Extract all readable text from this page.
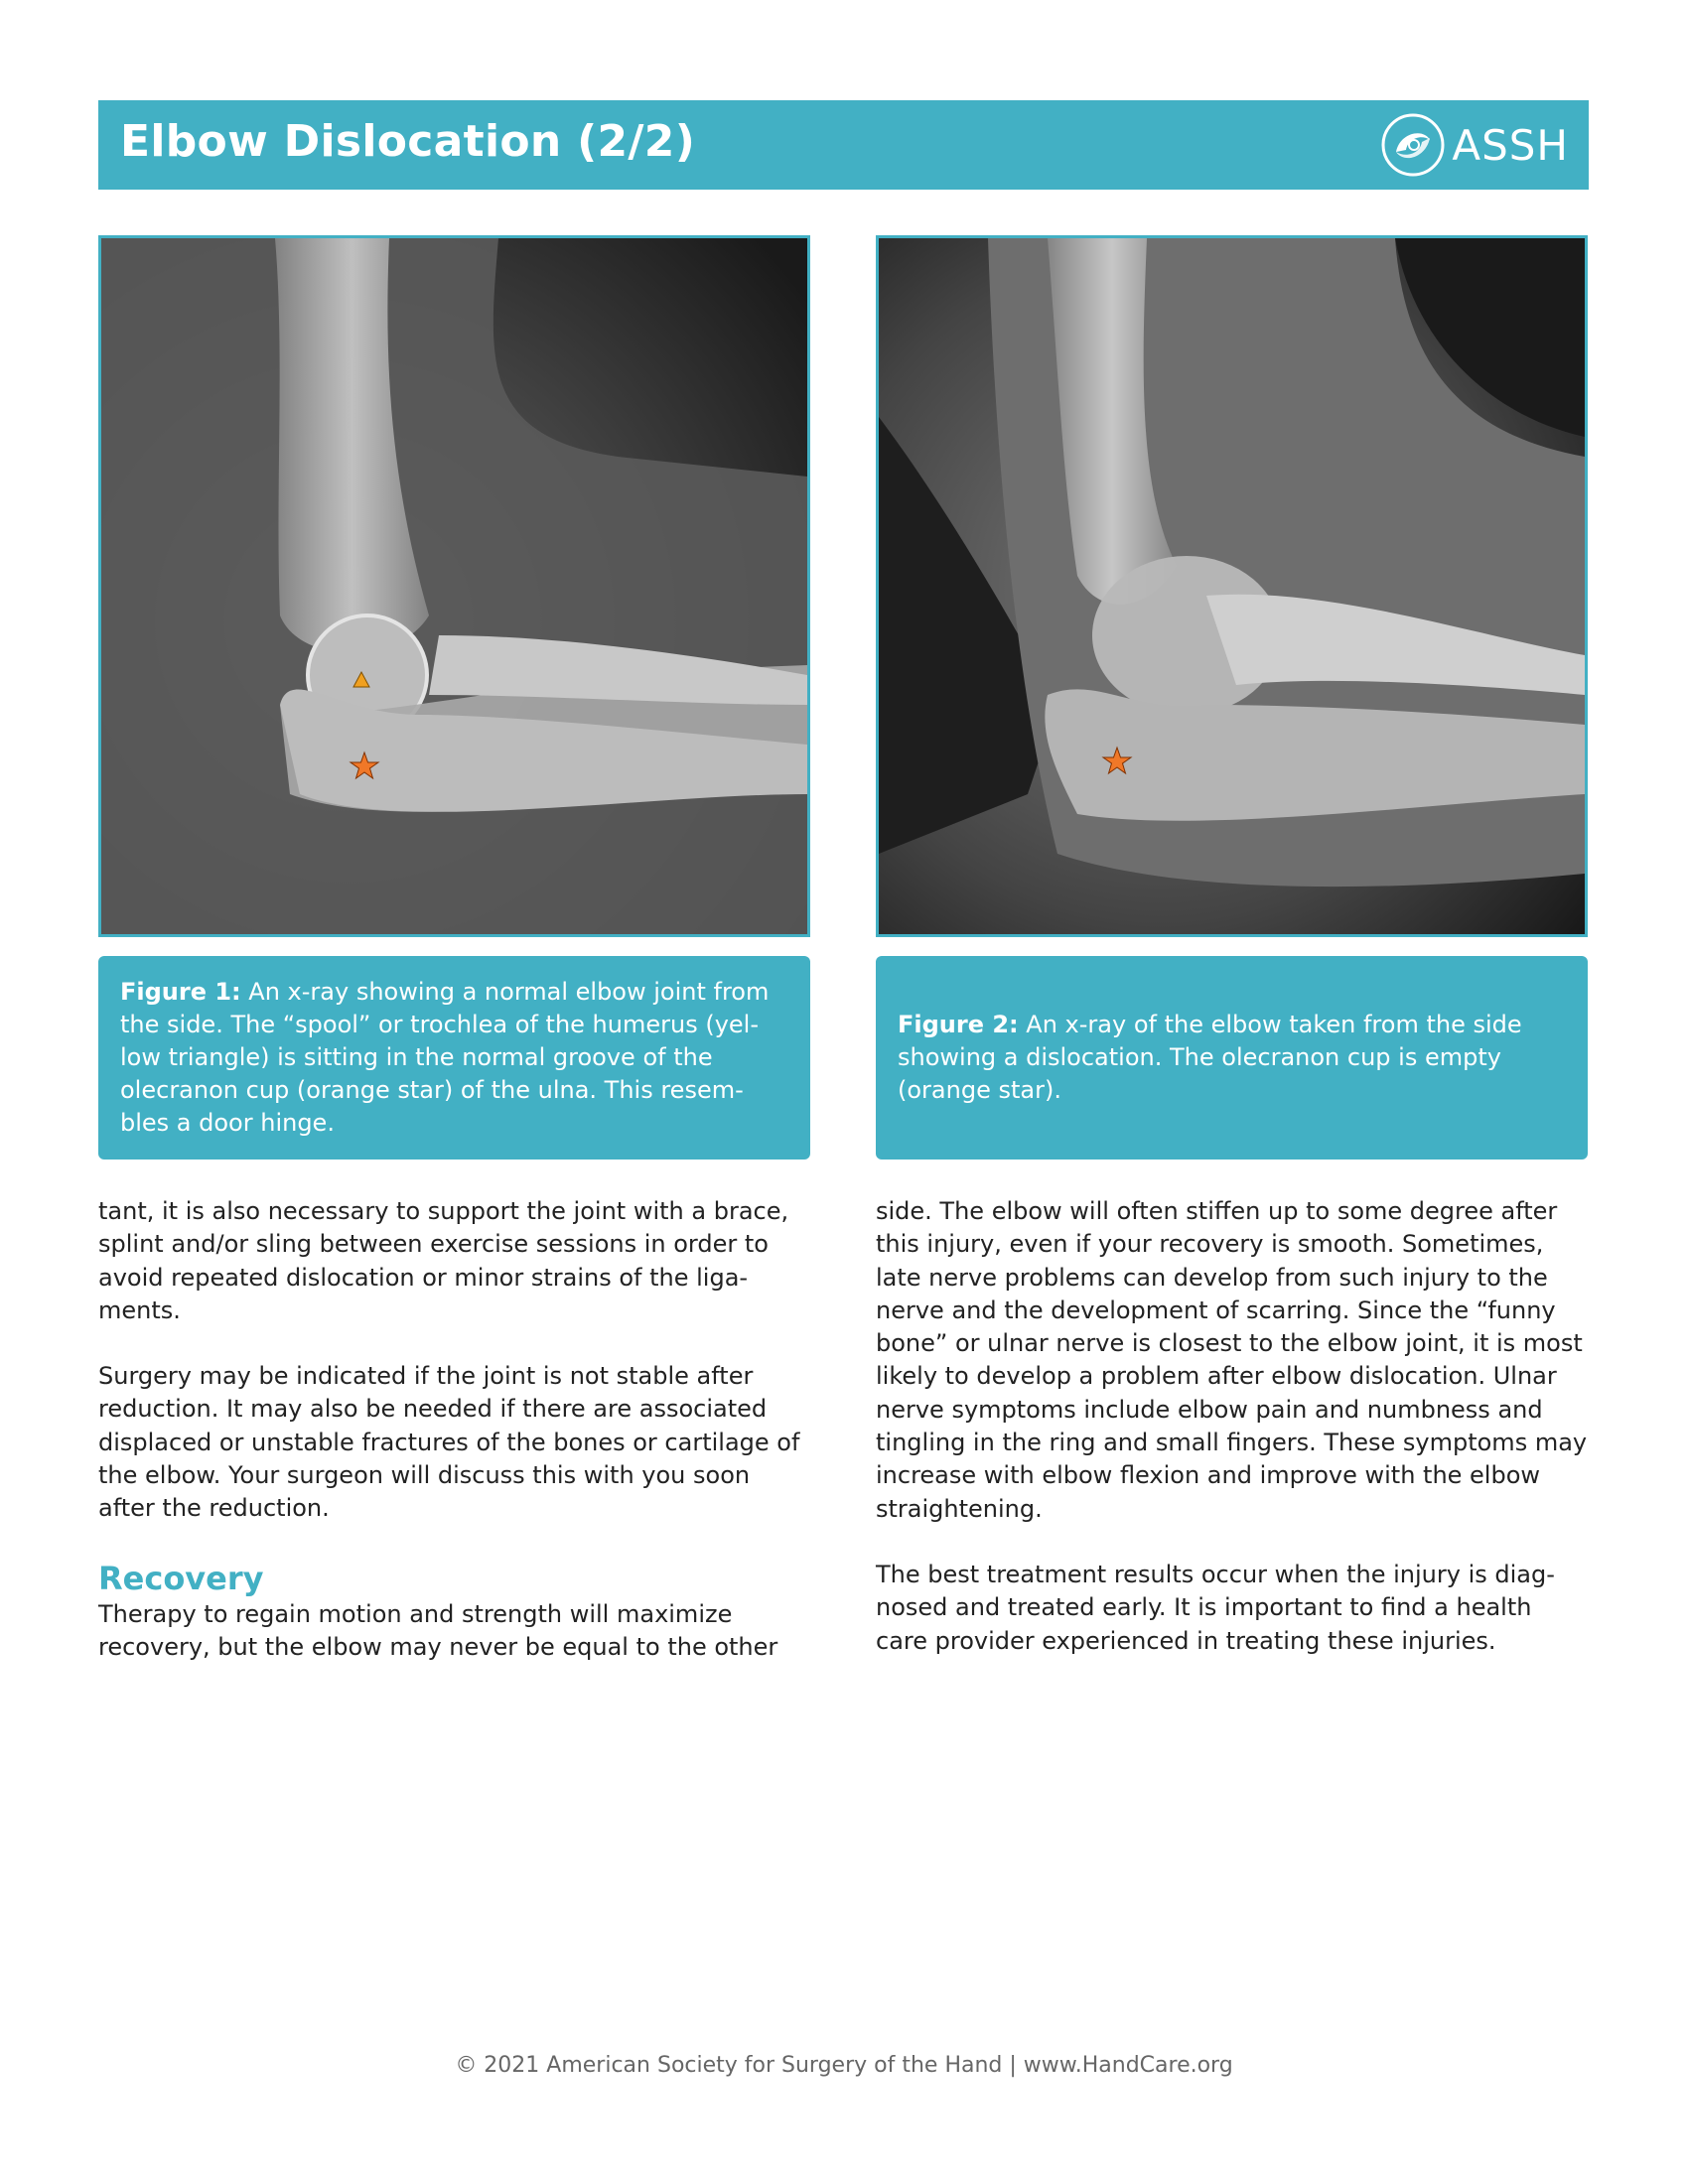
Elbow Dislocation (2/2)	ASSH
Figure 1: An x-ray showing a normal elbow joint from the side. The “spool” or trochlea of the humerus (yel-low triangle) is sitting in the normal groove of the olecranon cup (orange star) of the ulna. This resem-bles a door hinge.
Figure 2: An x-ray of the elbow taken from the side showing a dislocation. The olecranon cup is empty (orange star).

tant, it is also necessary to support the joint with a brace, splint and/or sling between exercise sessions in order to avoid repeated dislocation or minor strains of the liga-ments.

Surgery may be indicated if the joint is not stable after reduction. It may also be needed if there are associated displaced or unstable fractures of the bones or cartilage of the elbow. Your surgeon will discuss this with you soon after the reduction.

Recovery

Therapy to regain motion and strength will maximize recovery, but the elbow may never be equal to the other

side. The elbow will often stiffen up to some degree after this injury, even if your recovery is smooth. Sometimes, late nerve problems can develop from such injury to the nerve and the development of scarring. Since the “funny bone” or ulnar nerve is closest to the elbow joint, it is most likely to develop a problem after elbow dislocation. Ulnar nerve symptoms include elbow pain and numbness and tingling in the ring and small fingers. These symptoms may increase with elbow flexion and improve with the elbow straightening.

The best treatment results occur when the injury is diag-nosed and treated early. It is important to find a health care provider experienced in treating these injuries.

© 2021 American Society for Surgery of the Hand | www.HandCare.org
